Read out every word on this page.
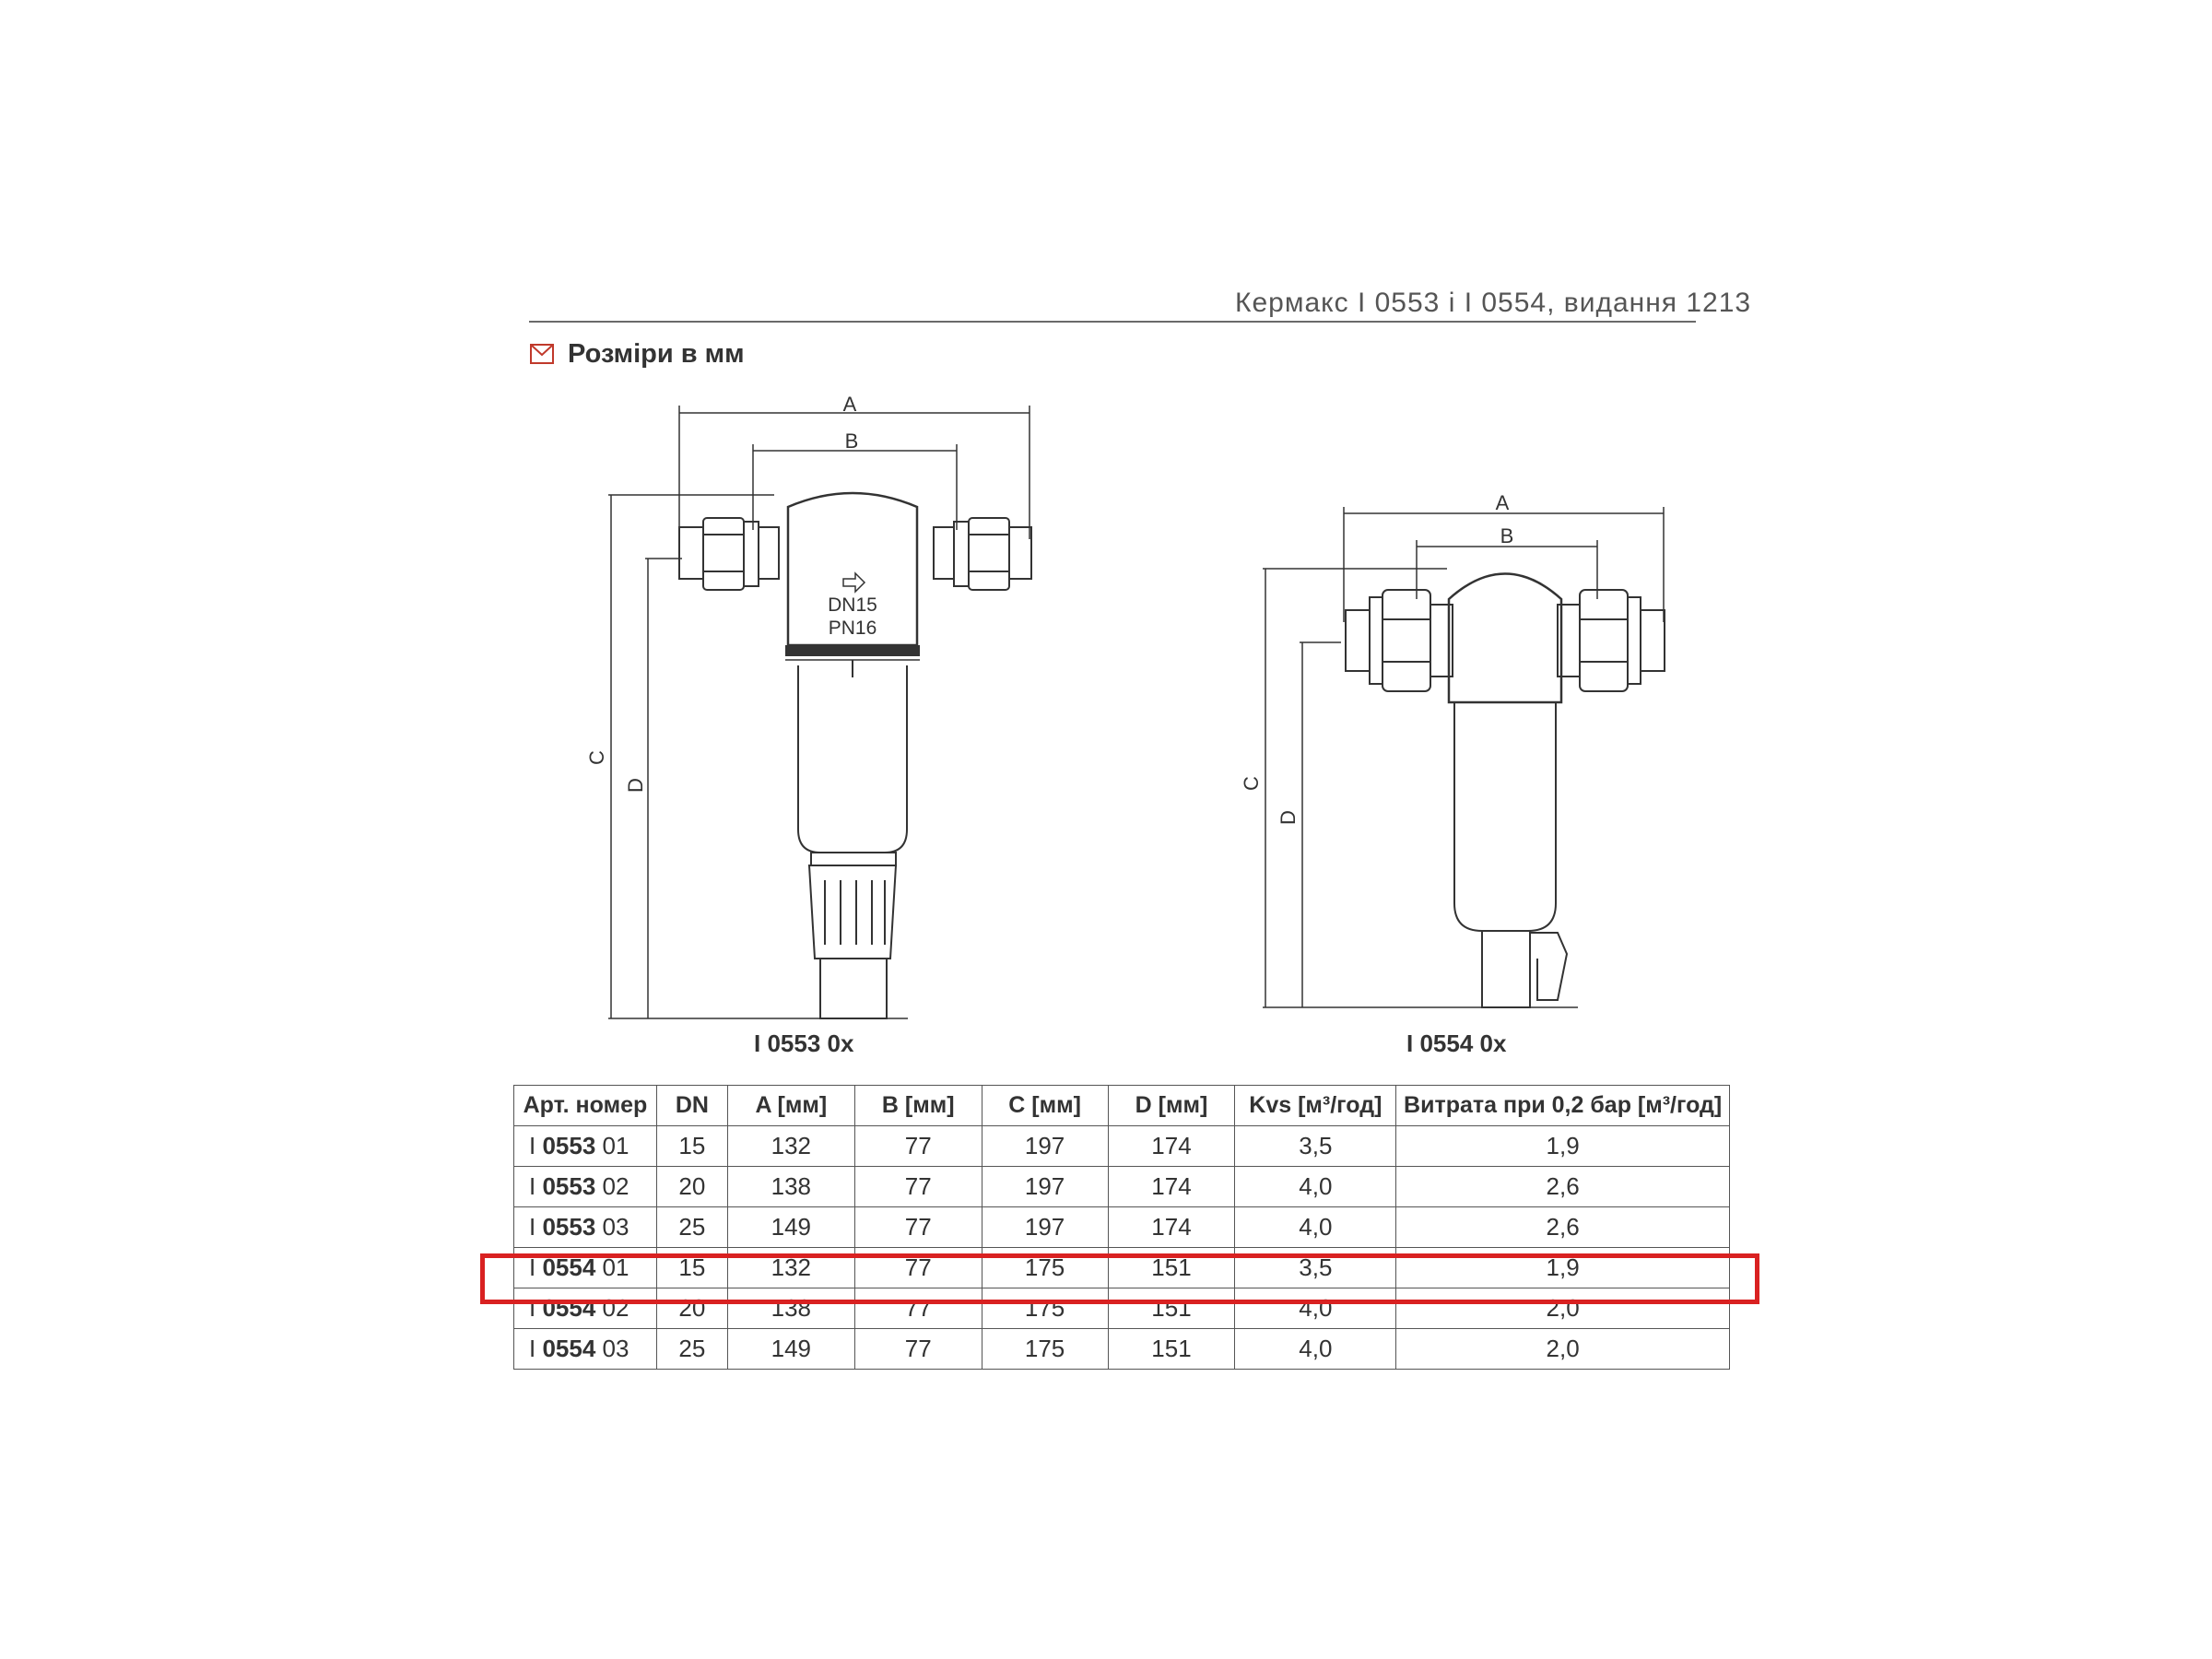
Кермакс I 0553 і I 0554, видання 1213
Розміри в мм
A
B
C
D
DN15
PN16
A
B
C
D
I 0553 0x	I 0554 0x
Арт. номер	DN	A [мм]	B [мм]	C [мм]	D [мм]	Kvs [м³/год]	Витрата при 0,2 бар [м³/год]
I 0553 01	15	132	77	197	174	3,5	1,9
I 0553 02	20	138	77	197	174	4,0	2,6
I 0553 03	25	149	77	197	174	4,0	2,6
I 0554 01	15	132	77	175	151	3,5	1,9
I 0554 02	20	138	77	175	151	4,0	2,0
I 0554 03	25	149	77	175	151	4,0	2,0
